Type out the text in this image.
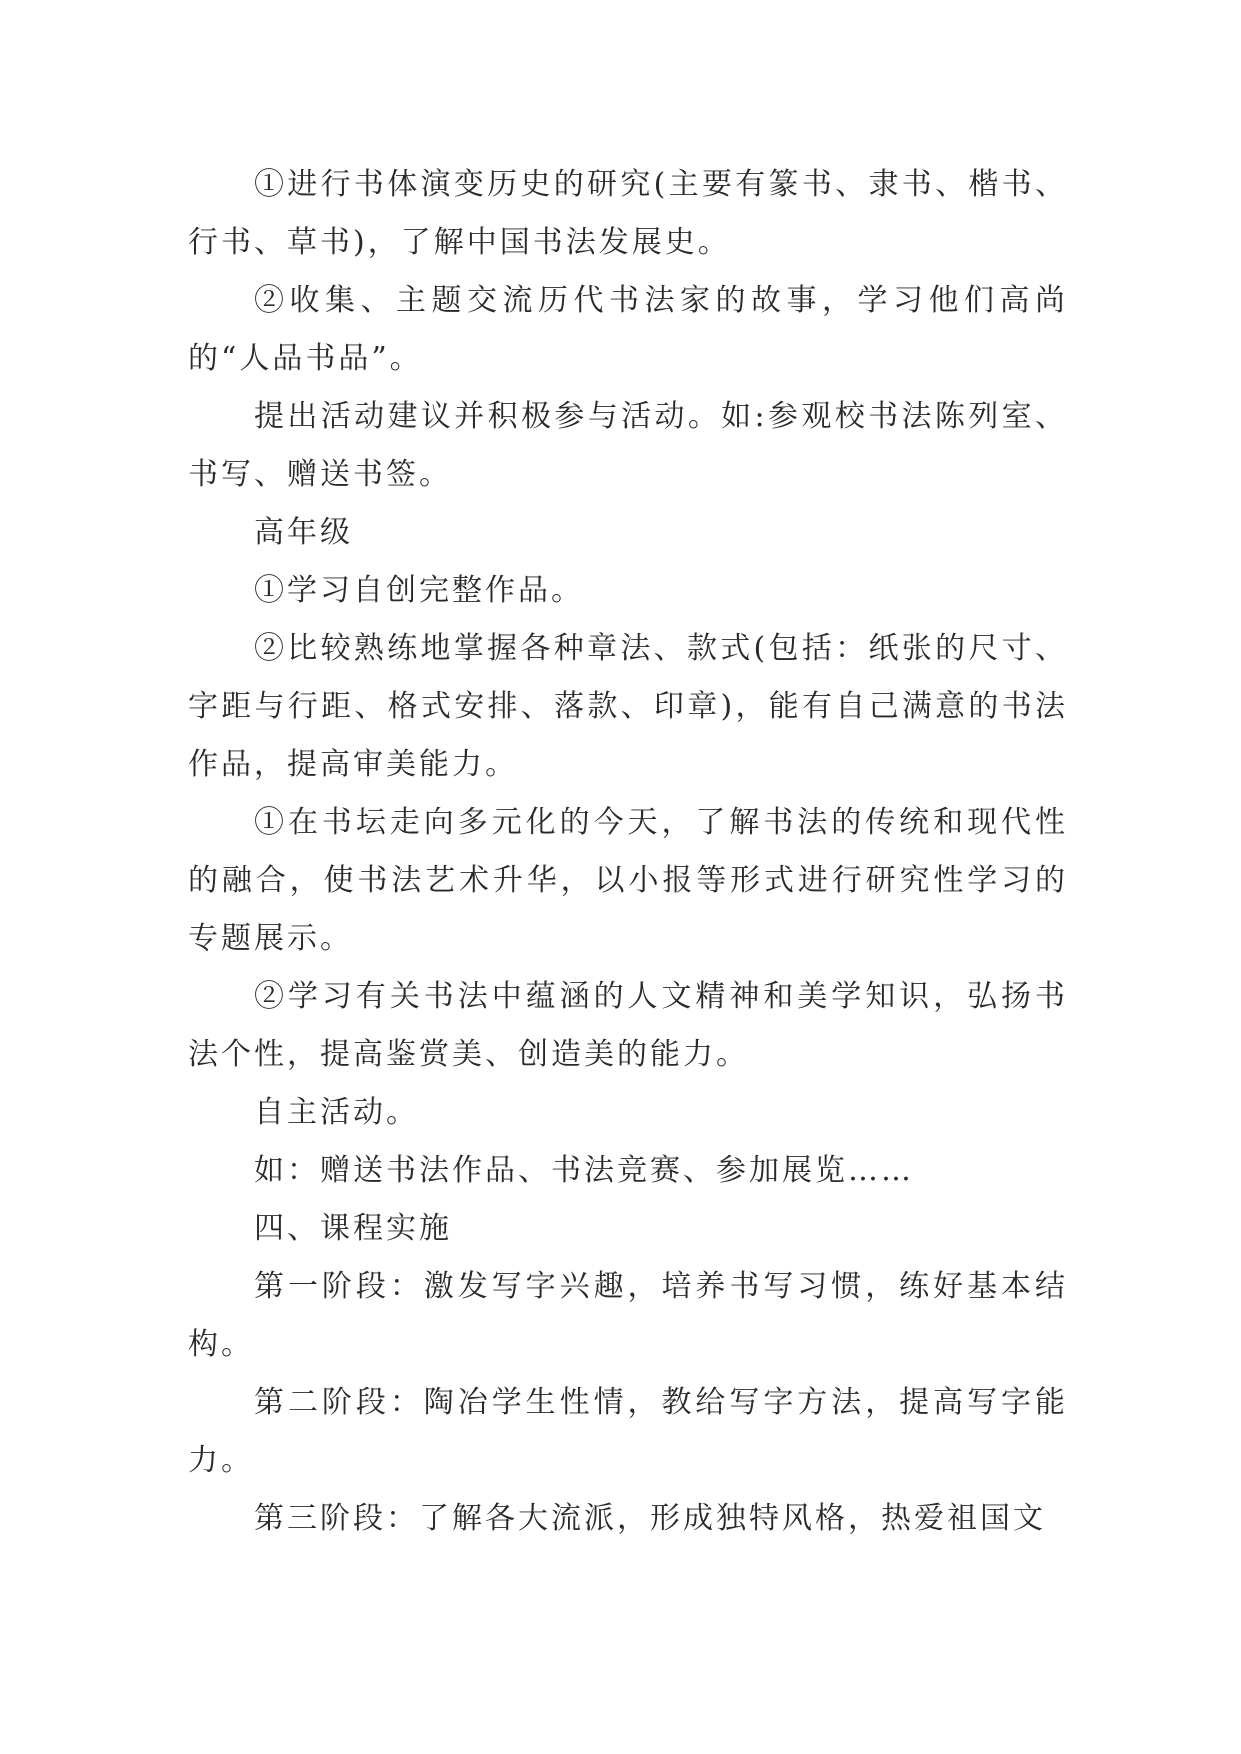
①进行书体演变历史的研究(主要有篆书、隶书、楷书、行书、草书)，了解中国书法发展史。

②收集、主题交流历代书法家的故事，学习他们高尚的“人品书品”。

提出活动建议并积极参与活动。如:参观校书法陈列室、书写、赠送书签。

高年级

①学习自创完整作品。

②比较熟练地掌握各种章法、款式(包括：纸张的尺寸、字距与行距、格式安排、落款、印章)，能有自己满意的书法作品，提高审美能力。

①在书坛走向多元化的今天，了解书法的传统和现代性的融合，使书法艺术升华，以小报等形式进行研究性学习的专题展示。

②学习有关书法中蕴涵的人文精神和美学知识，弘扬书法个性，提高鉴赏美、创造美的能力。

自主活动。

如：赠送书法作品、书法竞赛、参加展览……

四、课程实施

第一阶段：激发写字兴趣，培养书写习惯，练好基本结构。

第二阶段：陶冶学生性情，教给写字方法，提高写字能力。

第三阶段：了解各大流派，形成独特风格，热爱祖国文
